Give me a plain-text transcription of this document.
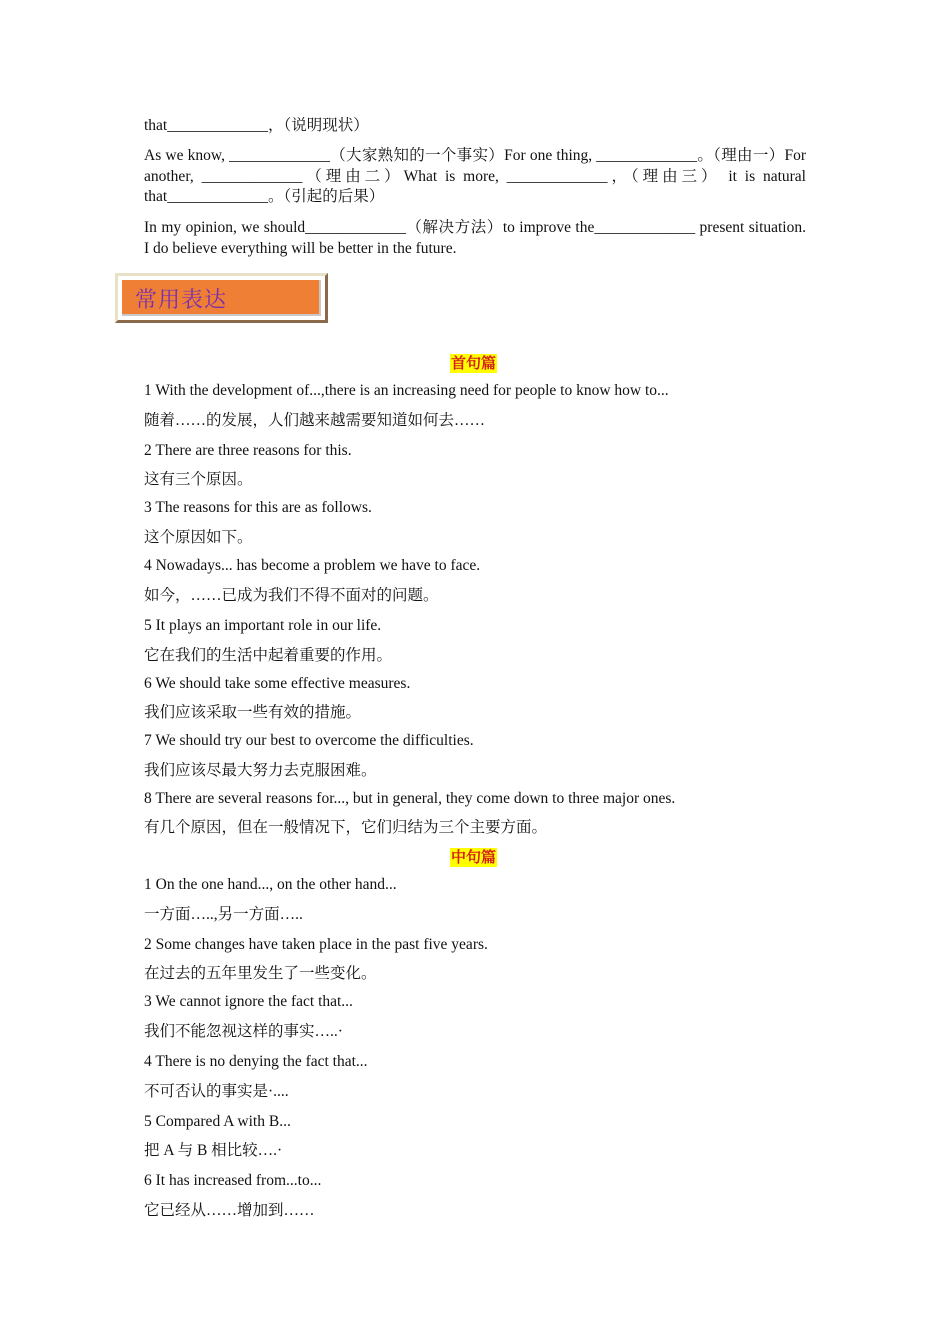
that_____________，（说明现状）
As we know, _____________（大家熟知的一个事实）For one thing, _____________。（理由一）For another, _____________（理由二）What is more, _____________，（理由三） it is natural that_____________。（引起的后果）
In my opinion, we should_____________（解决方法）to improve the_____________ present situation. I do believe everything will be better in the future.
常用表达
首句篇
1 With the development of...,there is an increasing need for people to know how to...
随着……的发展，人们越来越需要知道如何去……
2 There are three reasons for this.
这有三个原因。
3 The reasons for this are as follows.
这个原因如下。
4 Nowadays... has become a problem we have to face.
如今，……已成为我们不得不面对的问题。
5 It plays an important role in our life.
它在我们的生活中起着重要的作用。
6 We should take some effective measures.
我们应该采取一些有效的措施。
7 We should try our best to overcome the difficulties.
我们应该尽最大努力去克服困难。
8 There are several reasons for..., but in general, they come down to three major ones.
有几个原因，但在一般情况下，它们归结为三个主要方面。
中句篇
1 On the one hand..., on the other hand...
一方面…..,另一方面…..
2 Some changes have taken place in the past five years.
在过去的五年里发生了一些变化。
3 We cannot ignore the fact that...
我们不能忽视这样的事实…..·
4 There is no denying the fact that...
不可否认的事实是·....
5 Compared A with B...
把 A 与 B 相比较….·
6 It has increased from...to...
它已经从……增加到……
